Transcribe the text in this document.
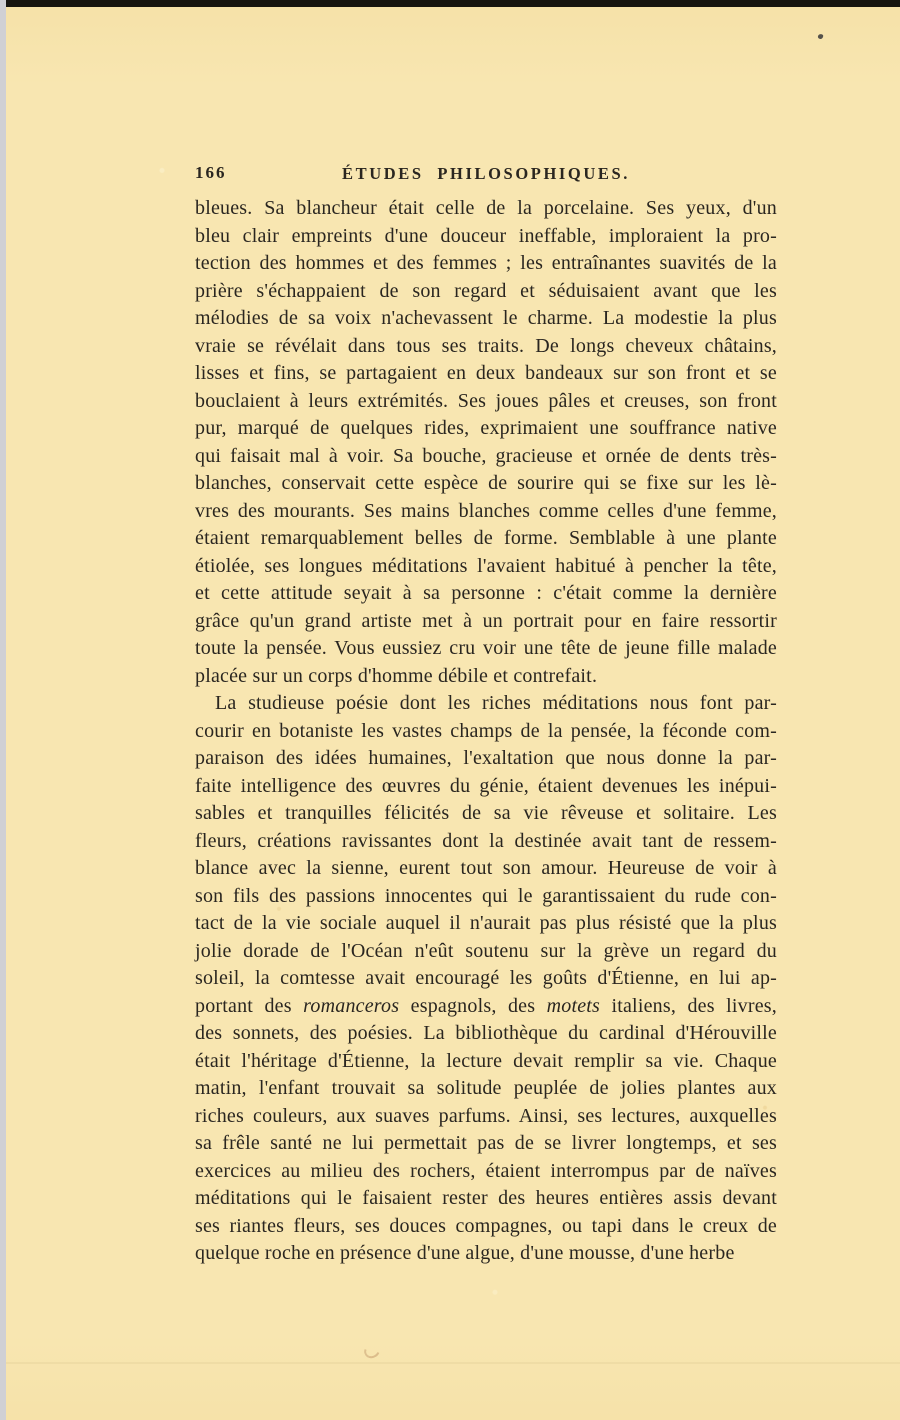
166	ÉTUDES PHILOSOPHIQUES.
bleues. Sa blancheur était celle de la porcelaine. Ses yeux, d'un
bleu clair empreints d'une douceur ineffable, imploraient la pro-
tection des hommes et des femmes ; les entraînantes suavités de la
prière s'échappaient de son regard et séduisaient avant que les
mélodies de sa voix n'achevassent le charme. La modestie la plus
vraie se révélait dans tous ses traits. De longs cheveux châtains,
lisses et fins, se partagaient en deux bandeaux sur son front et se
bouclaient à leurs extrémités. Ses joues pâles et creuses, son front
pur, marqué de quelques rides, exprimaient une souffrance native
qui faisait mal à voir. Sa bouche, gracieuse et ornée de dents très-
blanches, conservait cette espèce de sourire qui se fixe sur les lè-
vres des mourants. Ses mains blanches comme celles d'une femme,
étaient remarquablement belles de forme. Semblable à une plante
étiolée, ses longues méditations l'avaient habitué à pencher la tête,
et cette attitude seyait à sa personne : c'était comme la dernière
grâce qu'un grand artiste met à un portrait pour en faire ressortir
toute la pensée. Vous eussiez cru voir une tête de jeune fille malade
placée sur un corps d'homme débile et contrefait.
La studieuse poésie dont les riches méditations nous font par-
courir en botaniste les vastes champs de la pensée, la féconde com-
paraison des idées humaines, l'exaltation que nous donne la par-
faite intelligence des œuvres du génie, étaient devenues les inépui-
sables et tranquilles félicités de sa vie rêveuse et solitaire. Les
fleurs, créations ravissantes dont la destinée avait tant de ressem-
blance avec la sienne, eurent tout son amour. Heureuse de voir à
son fils des passions innocentes qui le garantissaient du rude con-
tact de la vie sociale auquel il n'aurait pas plus résisté que la plus
jolie dorade de l'Océan n'eût soutenu sur la grève un regard du
soleil, la comtesse avait encouragé les goûts d'Étienne, en lui ap-
portant des romanceros espagnols, des motets italiens, des livres,
des sonnets, des poésies. La bibliothèque du cardinal d'Hérouville
était l'héritage d'Étienne, la lecture devait remplir sa vie. Chaque
matin, l'enfant trouvait sa solitude peuplée de jolies plantes aux
riches couleurs, aux suaves parfums. Ainsi, ses lectures, auxquelles
sa frêle santé ne lui permettait pas de se livrer longtemps, et ses
exercices au milieu des rochers, étaient interrompus par de naïves
méditations qui le faisaient rester des heures entières assis devant
ses riantes fleurs, ses douces compagnes, ou tapi dans le creux de
quelque roche en présence d'une algue, d'une mousse, d'une herbe
